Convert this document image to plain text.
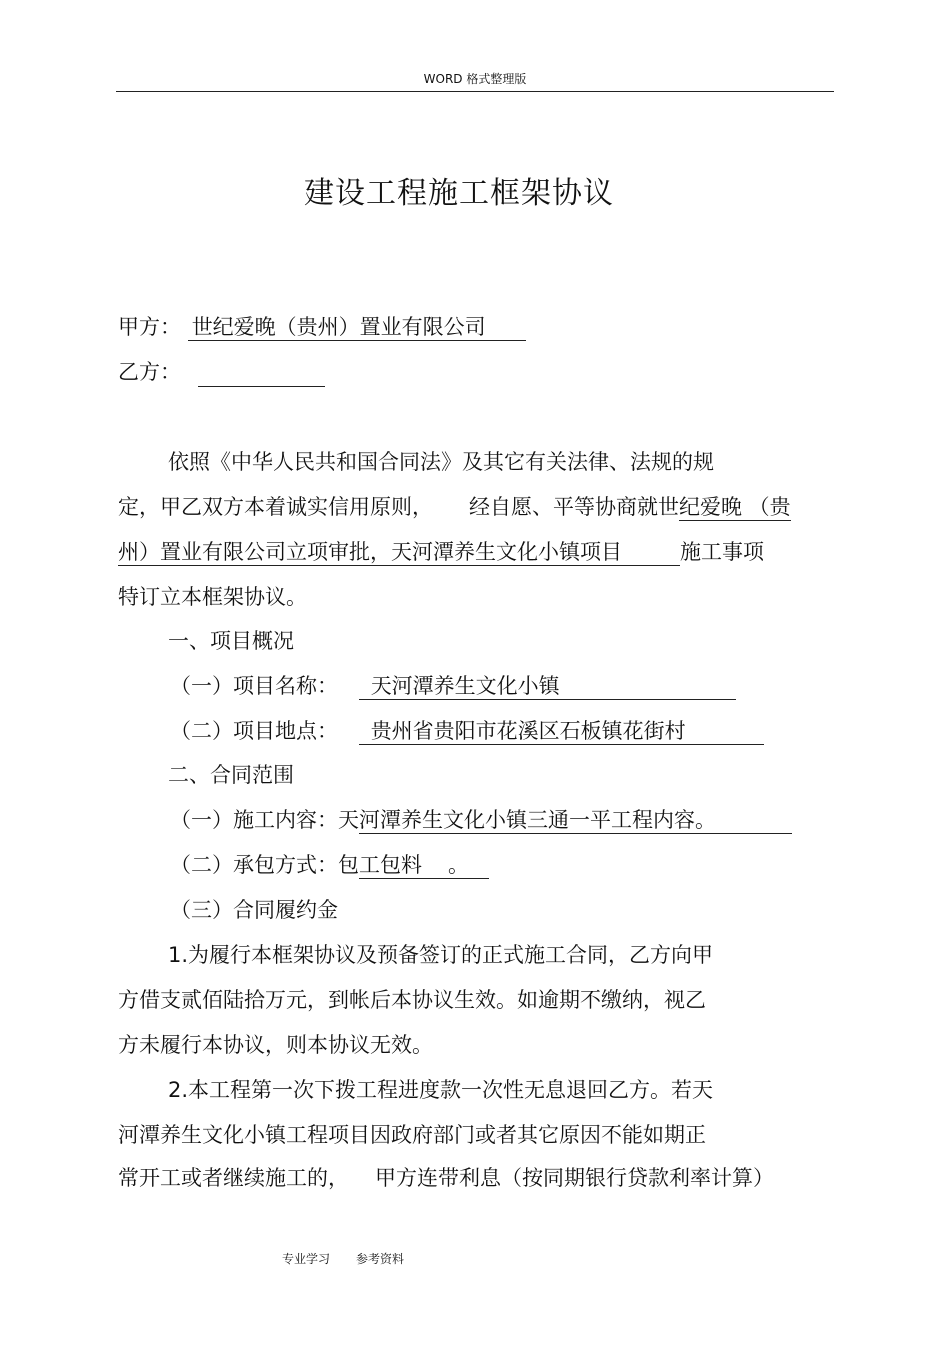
WORD 格式整理版
建设工程施工框架协议
甲方： 世纪爱晚（贵州）置业有限公司
乙方：
依照《中华人民共和国合同法》及其它有关法律、法规的规
定，甲乙双方本着诚实信用原则， 经自愿、平等协商就世纪爱晚 （贵
州）置业有限公司立项审批，天河潭养生文化小镇项目	施工事项
特订立本框架协议。
一、项目概况
（一）项目名称： 天河潭养生文化小镇
（二）项目地点： 贵州省贵阳市花溪区石板镇花街村
二、合同范围
（一）施工内容：天河潭养生文化小镇三通一平工程内容。
（二）承包方式：包工包料 。
（三）合同履约金
1.为履行本框架协议及预备签订的正式施工合同，乙方向甲
方借支贰佰陆拾万元，到帐后本协议生效。如逾期不缴纳，视乙
方未履行本协议，则本协议无效。
2.本工程第一次下拨工程进度款一次性无息退回乙方。若天
河潭养生文化小镇工程项目因政府部门或者其它原因不能如期正
常开工或者继续施工的， 甲方连带利息（按同期银行贷款利率计算）
专业学习 参考资料
